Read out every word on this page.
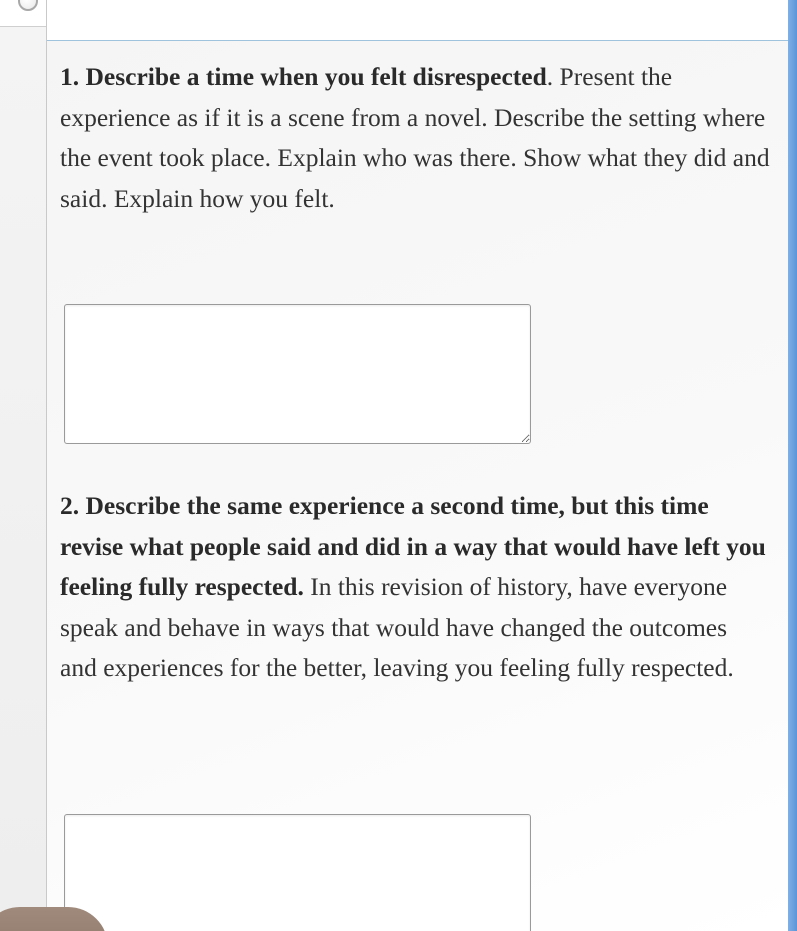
1. Describe a time when you felt disrespected. Present the experience as if it is a scene from a novel. Describe the setting where the event took place. Explain who was there. Show what they did and said. Explain how you felt.
2. Describe the same experience a second time, but this time revise what people said and did in a way that would have left you feeling fully respected. In this revision of history, have everyone speak and behave in ways that would have changed the outcomes and experiences for the better, leaving you feeling fully respected.
